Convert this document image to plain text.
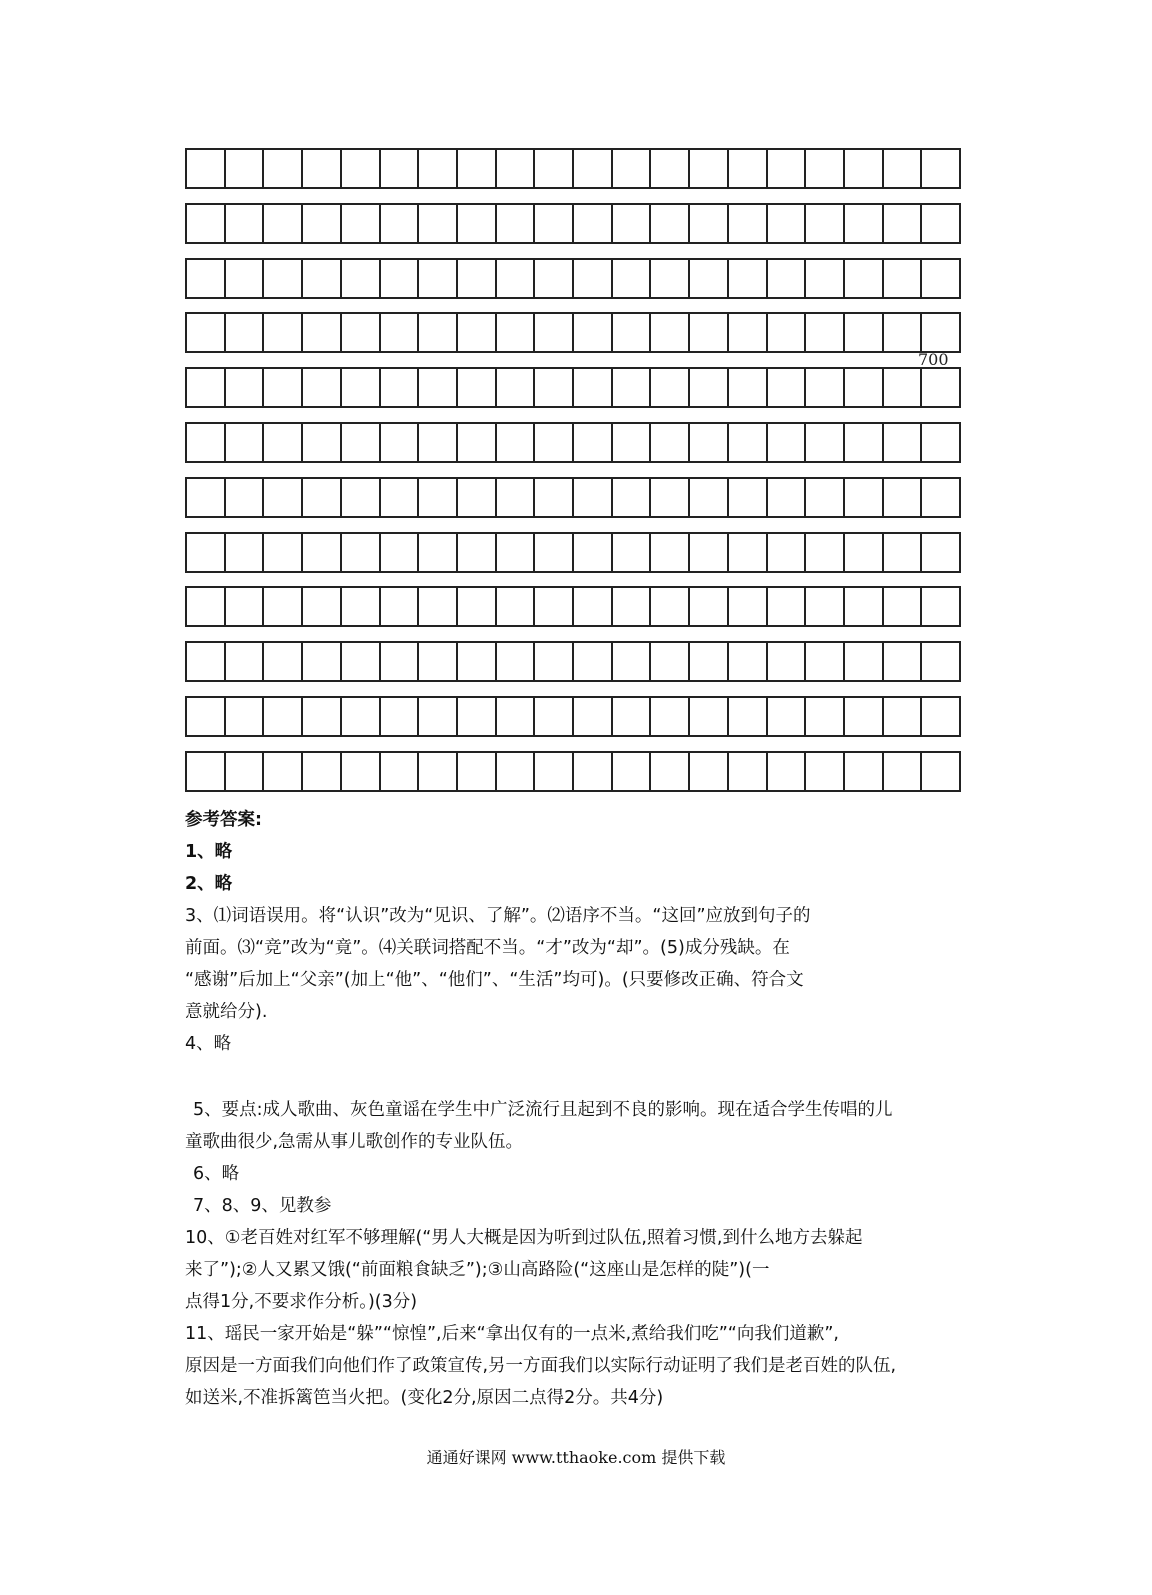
700
参考答案:
1、略
2、略
3、⑴词语误用。将“认识”改为“见识、了解”。⑵语序不当。“这回”应放到句子的
前面。⑶“竞”改为“竟”。⑷关联词搭配不当。“才”改为“却”。(5)成分残缺。在
“感谢”后加上“父亲”(加上“他”、“他们”、“生活”均可)。(只要修改正确、符合文
意就给分).
4、略
5、要点:成人歌曲、灰色童谣在学生中广泛流行且起到不良的影响。现在适合学生传唱的儿
童歌曲很少,急需从事儿歌创作的专业队伍。
6、略
7、8、9、见教参
10、①老百姓对红军不够理解(“男人大概是因为听到过队伍,照着习惯,到什么地方去躲起
来了”);②人又累又饿(“前面粮食缺乏”);③山高路险(“这座山是怎样的陡”)(一
点得1分,不要求作分析。)(3分)
11、瑶民一家开始是“躲”“惊惶”,后来“拿出仅有的一点米,煮给我们吃”“向我们道歉”,
原因是一方面我们向他们作了政策宣传,另一方面我们以实际行动证明了我们是老百姓的队伍,
如送米,不准拆篱笆当火把。(变化2分,原因二点得2分。共4分)
通通好课网 www.tthaoke.com 提供下载
